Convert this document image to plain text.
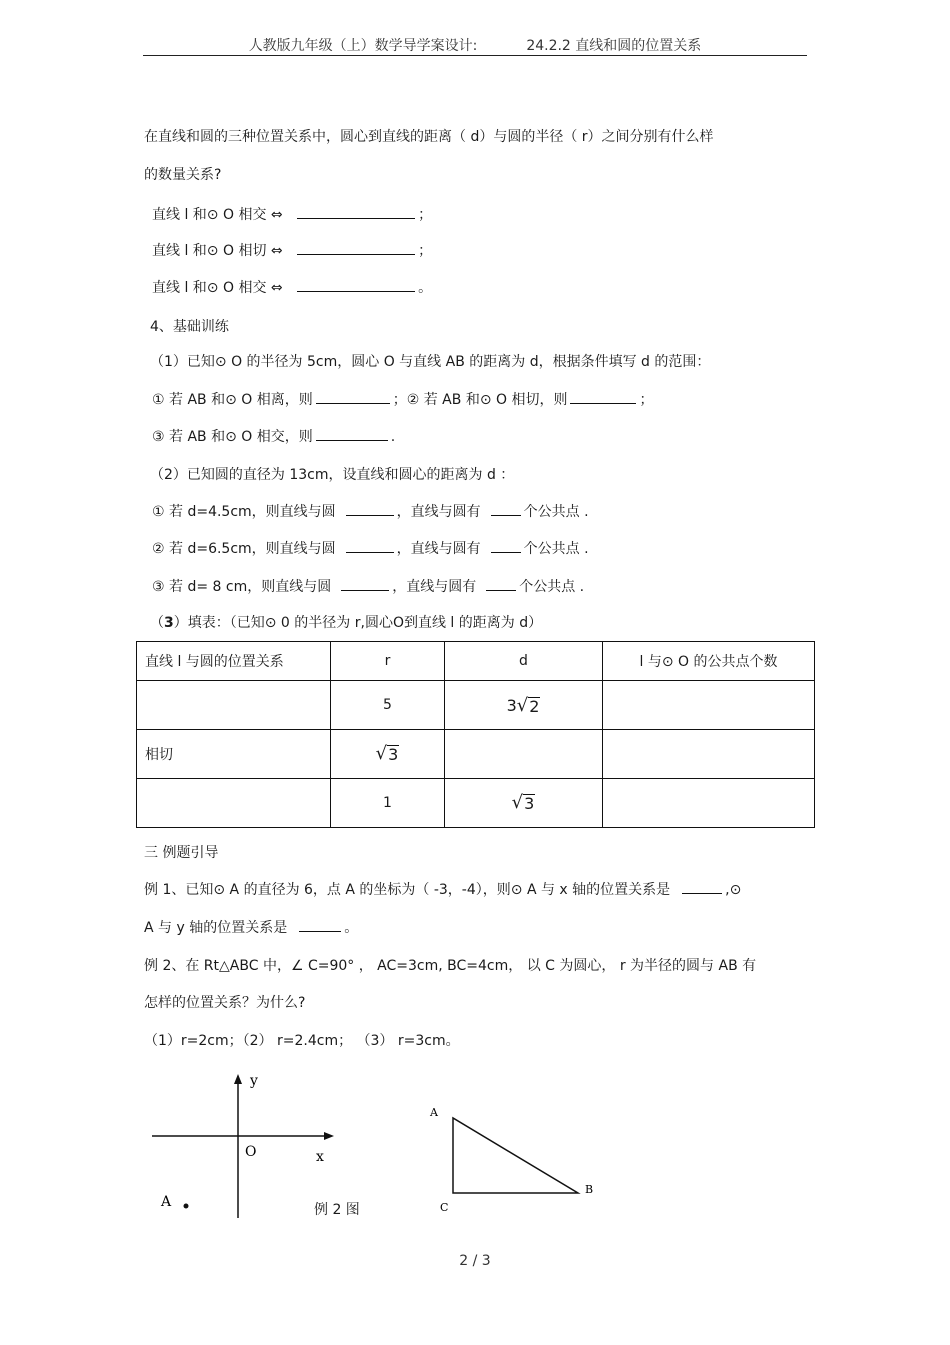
人教版九年级（上）数学导学案设计:	24.2.2 直线和圆的位置关系
在直线和圆的三种位置关系中，圆心到直线的距离（ d）与圆的半径（ r）之间分别有什么样
的数量关系?
直线 l 和⊙ O 相交 ⇔	；
直线 l 和⊙ O 相切 ⇔	；
直线 l 和⊙ O 相交 ⇔	。
4、基础训练
（1）已知⊙ O 的半径为 5cm，圆心 O 与直线 AB 的距离为 d，根据条件填写 d 的范围：
① 若 AB 和⊙ O 相离，则	；② 若 AB 和⊙ O 相切，则	；
③ 若 AB 和⊙ O 相交，则	.
（2）已知圆的直径为 13cm，设直线和圆心的距离为 d ：
① 若 d=4.5cm，则直线与圆	，直线与圆有	个公共点 .
② 若 d=6.5cm，则直线与圆	，直线与圆有	个公共点 .
③ 若 d= 8 cm，则直线与圆	，直线与圆有	个公共点 .
（3）填表：（已知⊙ 0 的半径为 r,圆心O到直线 l 的距离为 d）
直线 l 与圆的位置关系	r	d	l 与⊙ O 的公共点个数
	5	3 √ 2	

相切	√ 3		

	1	√ 3	

三 例题引导
例 1、已知⊙ A 的直径为 6，点 A 的坐标为（ -3，-4），则⊙ A 与 x 轴的位置关系是	,⊙
A 与 y 轴的位置关系是	。
例 2、在 Rt△ABC 中，∠ C=90° ， AC=3cm, BC=4cm， 以 C 为圆心， r 为半径的圆与 AB 有
怎样的位置关系？为什么?
（1）r=2cm；（2） r=2.4cm； （3） r=3cm。
y
x
O
A	例 2 图
A
B
C
2 / 3
